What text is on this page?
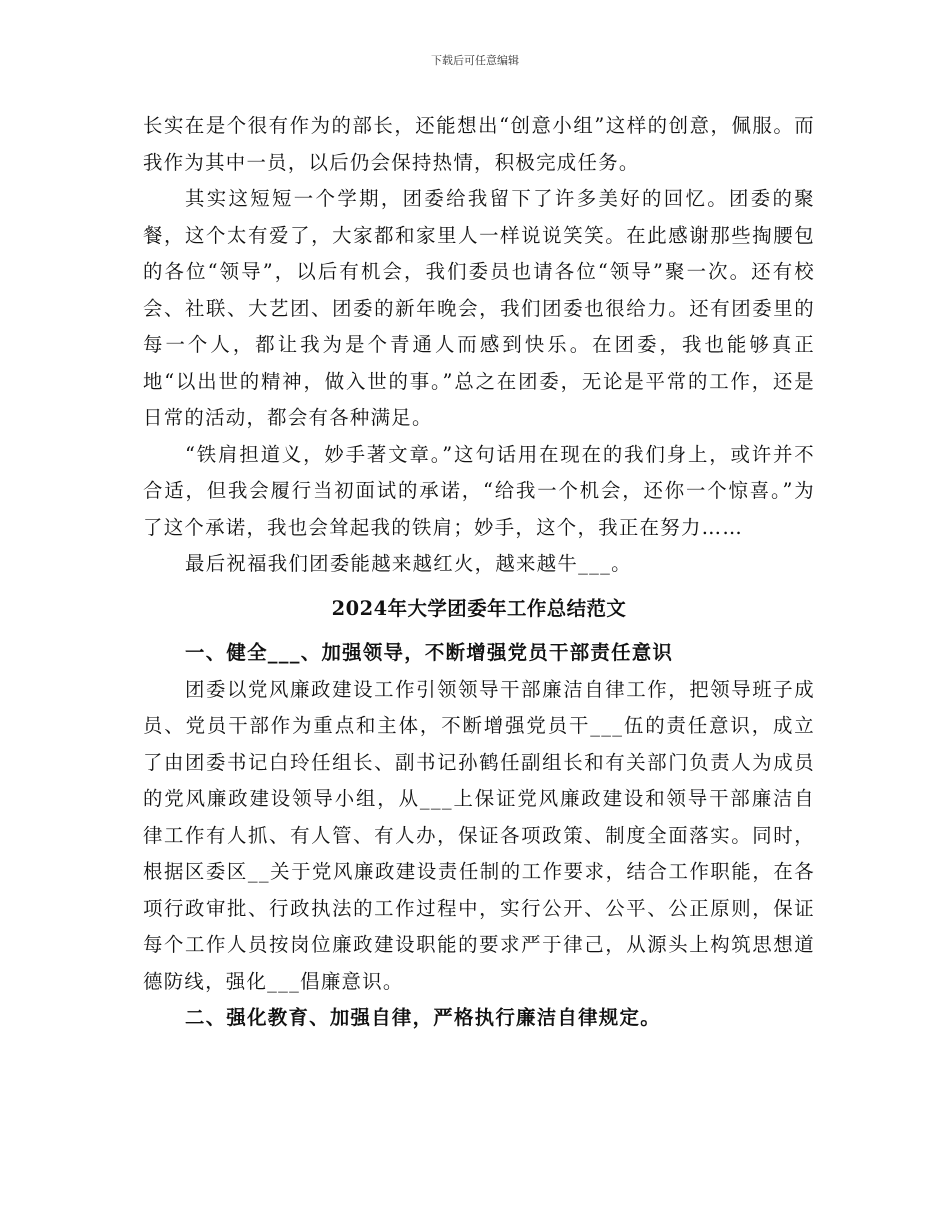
下载后可任意编辑

长实在是个很有作为的部长，还能想出“创意小组”这样的创意，佩服。而我作为其中一员，以后仍会保持热情，积极完成任务。

其实这短短一个学期，团委给我留下了许多美好的回忆。团委的聚餐，这个太有爱了，大家都和家里人一样说说笑笑。在此感谢那些掏腰包的各位“领导”，以后有机会，我们委员也请各位“领导”聚一次。还有校会、社联、大艺团、团委的新年晚会，我们团委也很给力。还有团委里的每一个人，都让我为是个青通人而感到快乐。在团委，我也能够真正地“以出世的精神，做入世的事。”总之在团委，无论是平常的工作，还是日常的活动，都会有各种满足。

“铁肩担道义，妙手著文章。”这句话用在现在的我们身上，或许并不合适，但我会履行当初面试的承诺，“给我一个机会，还你一个惊喜。”为了这个承诺，我也会耸起我的铁肩；妙手，这个，我正在努力……

最后祝福我们团委能越来越红火，越来越牛___。

2024年大学团委年工作总结范文
一、健全___、加强领导，不断增强党员干部责任意识

团委以党风廉政建设工作引领领导干部廉洁自律工作，把领导班子成员、党员干部作为重点和主体，不断增强党员干___伍的责任意识，成立了由团委书记白玲任组长、副书记孙鹤任副组长和有关部门负责人为成员的党风廉政建设领导小组，从___上保证党风廉政建设和领导干部廉洁自律工作有人抓、有人管、有人办，保证各项政策、制度全面落实。同时，根据区委区__关于党风廉政建设责任制的工作要求，结合工作职能，在各项行政审批、行政执法的工作过程中，实行公开、公平、公正原则，保证每个工作人员按岗位廉政建设职能的要求严于律己，从源头上构筑思想道德防线，强化___倡廉意识。

二、强化教育、加强自律，严格执行廉洁自律规定。
